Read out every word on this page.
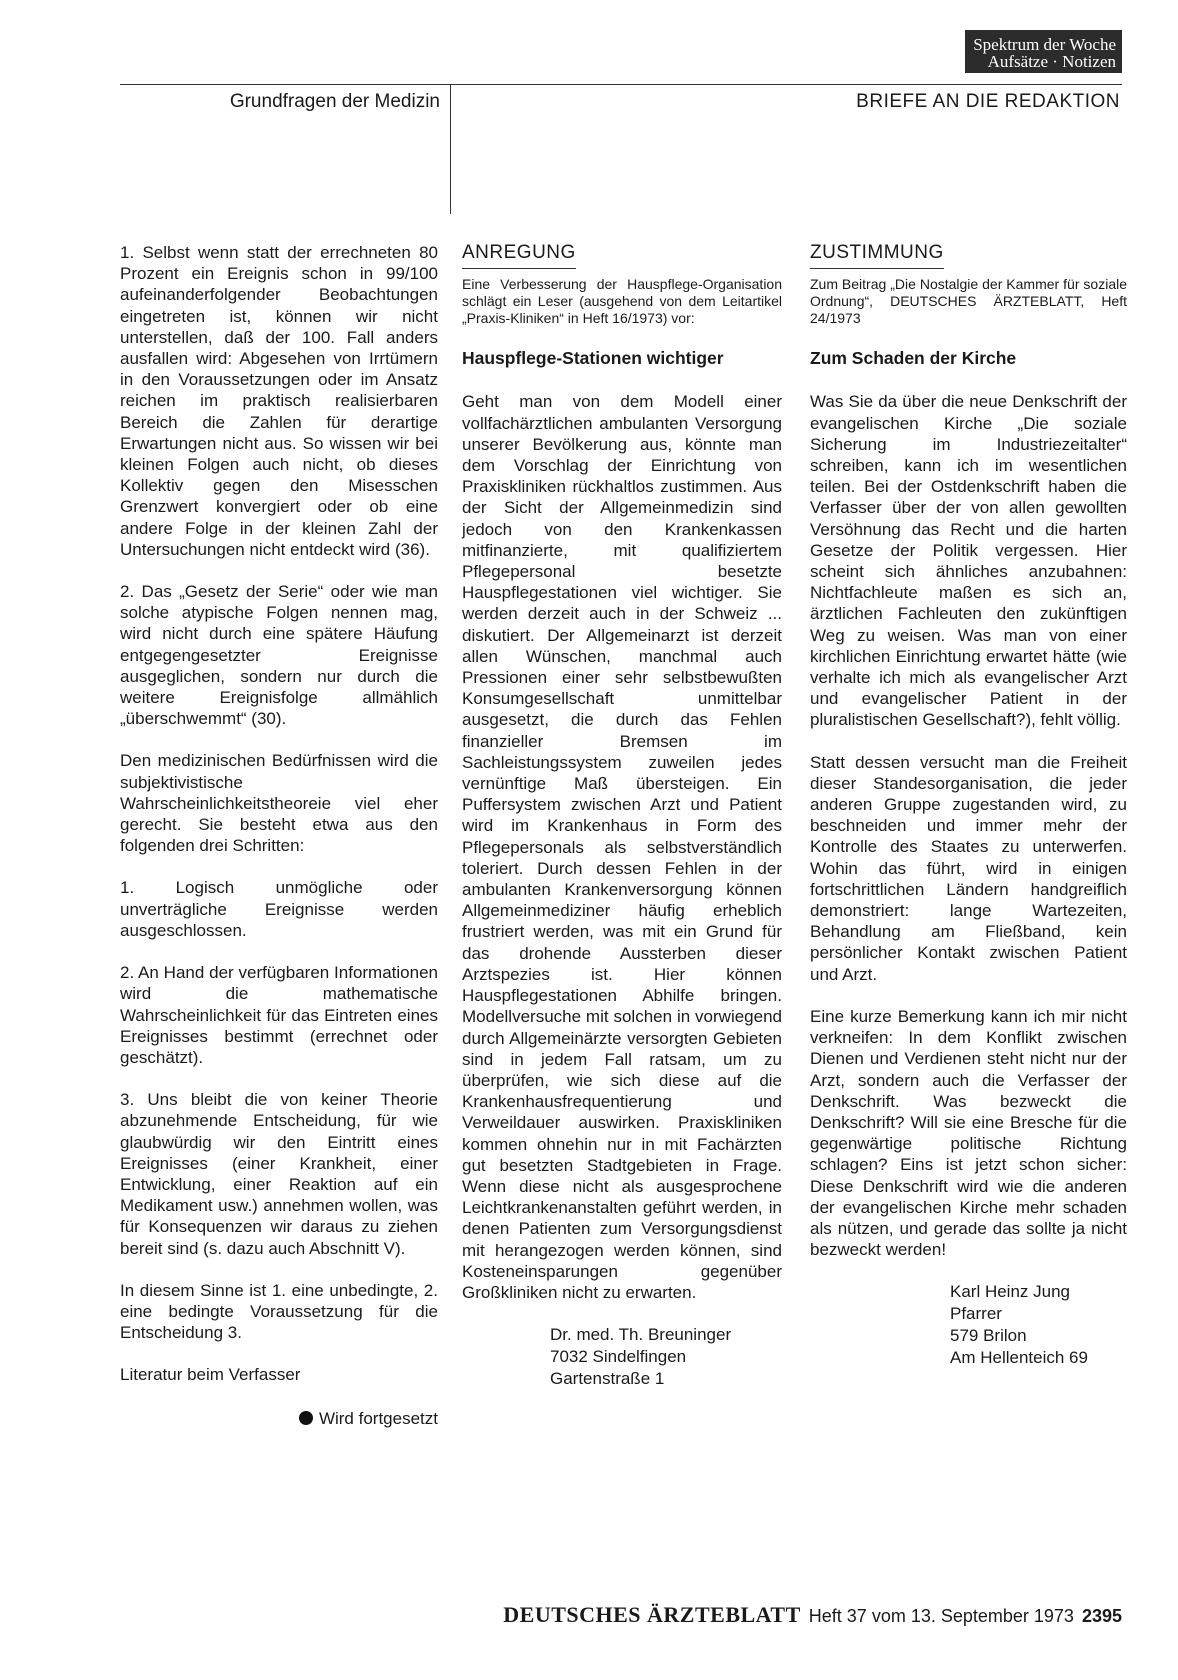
Spektrum der Woche
Aufsätze · Notizen
Grundfragen der Medizin	BRIEFE AN DIE REDAKTION

1. Selbst wenn statt der errechneten 80 Prozent ein Ereignis schon in 99/100 aufeinanderfolgender Beobachtungen eingetreten ist, können wir nicht unterstellen, daß der 100. Fall anders ausfallen wird: Abgesehen von Irrtümern in den Voraussetzungen oder im Ansatz reichen im praktisch realisierbaren Bereich die Zahlen für derartige Erwartungen nicht aus. So wissen wir bei kleinen Folgen auch nicht, ob dieses Kollektiv gegen den Misesschen Grenzwert konvergiert oder ob eine andere Folge in der kleinen Zahl der Untersuchungen nicht entdeckt wird (36).

2. Das „Gesetz der Serie“ oder wie man solche atypische Folgen nennen mag, wird nicht durch eine spätere Häufung entgegengesetzter Ereignisse ausgeglichen, sondern nur durch die weitere Ereignisfolge allmählich „überschwemmt“ (30).

Den medizinischen Bedürfnissen wird die subjektivistische Wahrscheinlichkeitstheoreie viel eher gerecht. Sie besteht etwa aus den folgenden drei Schritten:

1. Logisch unmögliche oder unverträgliche Ereignisse werden ausgeschlossen.

2. An Hand der verfügbaren Informationen wird die mathematische Wahrscheinlichkeit für das Eintreten eines Ereignisses bestimmt (errechnet oder geschätzt).

3. Uns bleibt die von keiner Theorie abzunehmende Entscheidung, für wie glaubwürdig wir den Eintritt eines Ereignisses (einer Krankheit, einer Entwicklung, einer Reaktion auf ein Medikament usw.) annehmen wollen, was für Konsequenzen wir daraus zu ziehen bereit sind (s. dazu auch Abschnitt V).

In diesem Sinne ist 1. eine unbedingte, 2. eine bedingte Voraussetzung für die Entscheidung 3.

Literatur beim Verfasser
Wird fortgesetzt
ANREGUNG

Eine Verbesserung der Hauspflege-Organisation schlägt ein Leser (ausgehend von dem Leitartikel „Praxis-Kliniken“ in Heft 16/1973) vor:

Hauspflege-Stationen wichtiger

Geht man von dem Modell einer vollfachärztlichen ambulanten Versorgung unserer Bevölkerung aus, könnte man dem Vorschlag der Einrichtung von Praxiskliniken rückhaltlos zustimmen. Aus der Sicht der Allgemeinmedizin sind jedoch von den Krankenkassen mitfinanzierte, mit qualifiziertem Pflegepersonal besetzte Hauspflegestationen viel wichtiger. Sie werden derzeit auch in der Schweiz ... diskutiert. Der Allgemeinarzt ist derzeit allen Wünschen, manchmal auch Pressionen einer sehr selbstbewußten Konsumgesellschaft unmittelbar ausgesetzt, die durch das Fehlen finanzieller Bremsen im Sachleistungssystem zuweilen jedes vernünftige Maß übersteigen. Ein Puffersystem zwischen Arzt und Patient wird im Krankenhaus in Form des Pflegepersonals als selbstverständlich toleriert. Durch dessen Fehlen in der ambulanten Krankenversorgung können Allgemeinmediziner häufig erheblich frustriert werden, was mit ein Grund für das drohende Aussterben dieser Arztspezies ist. Hier können Hauspflegestationen Abhilfe bringen. Modellversuche mit solchen in vorwiegend durch Allgemeinärzte versorgten Gebieten sind in jedem Fall ratsam, um zu überprüfen, wie sich diese auf die Krankenhausfrequentierung und Verweildauer auswirken. Praxiskliniken kommen ohnehin nur in mit Fachärzten gut besetzten Stadtgebieten in Frage. Wenn diese nicht als ausgesprochene Leichtkrankenanstalten geführt werden, in denen Patienten zum Versorgungsdienst mit herangezogen werden können, sind Kosteneinsparungen gegenüber Großkliniken nicht zu erwarten.

Dr. med. Th. Breuninger
7032 Sindelfingen
Gartenstraße 1
ZUSTIMMUNG

Zum Beitrag „Die Nostalgie der Kammer für soziale Ordnung“, DEUTSCHES ÄRZTEBLATT, Heft 24/1973

Zum Schaden der Kirche

Was Sie da über die neue Denkschrift der evangelischen Kirche „Die soziale Sicherung im Industriezeitalter“ schreiben, kann ich im wesentlichen teilen. Bei der Ostdenkschrift haben die Verfasser über der von allen gewollten Versöhnung das Recht und die harten Gesetze der Politik vergessen. Hier scheint sich ähnliches anzubahnen: Nichtfachleute maßen es sich an, ärztlichen Fachleuten den zukünftigen Weg zu weisen. Was man von einer kirchlichen Einrichtung erwartet hätte (wie verhalte ich mich als evangelischer Arzt und evangelischer Patient in der pluralistischen Gesellschaft?), fehlt völlig.

Statt dessen versucht man die Freiheit dieser Standesorganisation, die jeder anderen Gruppe zugestanden wird, zu beschneiden und immer mehr der Kontrolle des Staates zu unterwerfen. Wohin das führt, wird in einigen fortschrittlichen Ländern handgreiflich demonstriert: lange Wartezeiten, Behandlung am Fließband, kein persönlicher Kontakt zwischen Patient und Arzt.

Eine kurze Bemerkung kann ich mir nicht verkneifen: In dem Konflikt zwischen Dienen und Verdienen steht nicht nur der Arzt, sondern auch die Verfasser der Denkschrift. Was bezweckt die Denkschrift? Will sie eine Bresche für die gegenwärtige politische Richtung schlagen? Eins ist jetzt schon sicher: Diese Denkschrift wird wie die anderen der evangelischen Kirche mehr schaden als nützen, und gerade das sollte ja nicht bezweckt werden!

Karl Heinz Jung
Pfarrer
579 Brilon
Am Hellenteich 69
DEUTSCHES ÄRZTEBLATT Heft 37 vom 13. September 1973 2395
